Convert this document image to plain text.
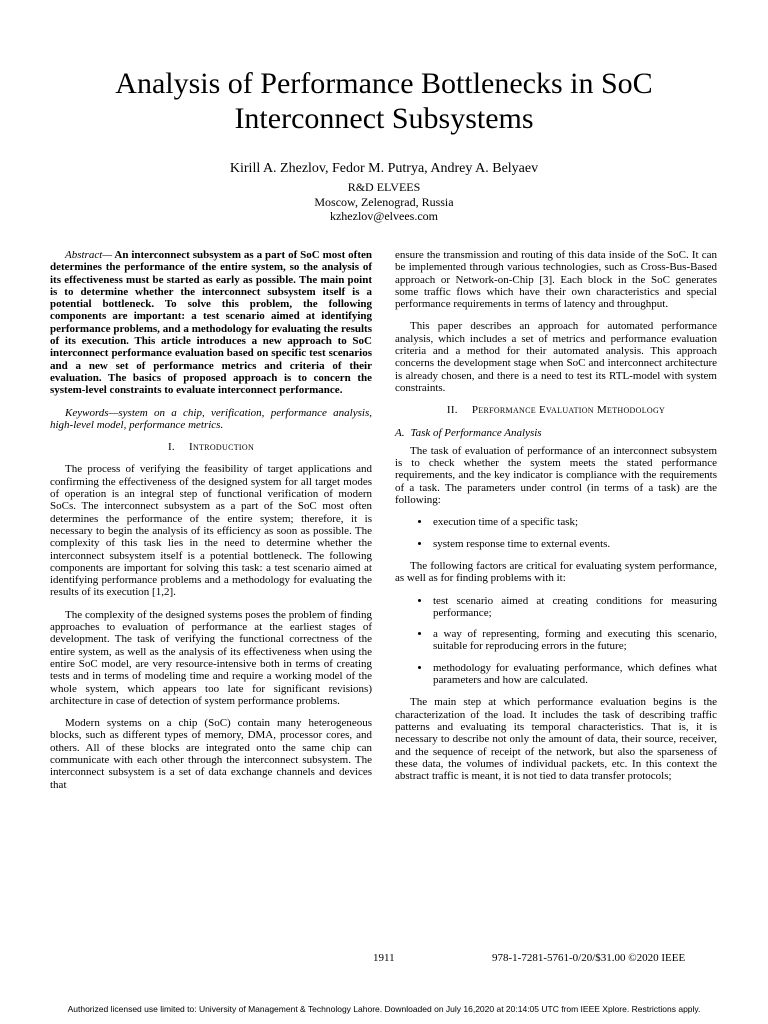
Analysis of Performance Bottlenecks in SoC Interconnect Subsystems

Kirill A. Zhezlov, Fedor M. Putrya, Andrey A. Belyaev

R&D ELVEES
Moscow, Zelenograd, Russia
kzhezlov@elvees.com

Abstract— An interconnect subsystem as a part of SoC most often determines the performance of the entire system, so the analysis of its effectiveness must be started as early as possible. The main point is to determine whether the interconnect subsystem itself is a potential bottleneck. To solve this problem, the following components are important: a test scenario aimed at identifying performance problems, and a methodology for evaluating the results of its execution. This article introduces a new approach to SoC interconnect performance evaluation based on specific test scenarios and a new set of performance metrics and criteria of their evaluation. The basics of proposed approach is to concern the system-level constraints to evaluate interconnect performance.

Keywords—system on a chip, verification, performance analysis, high-level model, performance metrics.

I. Introduction

The process of verifying the feasibility of target applications and confirming the effectiveness of the designed system for all target modes of operation is an integral step of functional verification of modern SoCs. The interconnect subsystem as a part of the SoC most often determines the performance of the entire system; therefore, it is necessary to begin the analysis of its efficiency as soon as possible. The complexity of this task lies in the need to determine whether the interconnect subsystem itself is a potential bottleneck. The following components are important for solving this task: a test scenario aimed at identifying performance problems and a methodology for evaluating the results of its execution [1,2].

The complexity of the designed systems poses the problem of finding approaches to evaluation of performance at the earliest stages of development. The task of verifying the functional correctness of the entire system, as well as the analysis of its effectiveness when using the entire SoC model, are very resource-intensive both in terms of creating tests and in terms of modeling time and require a working model of the whole system, which appears too late for significant revisions) architecture in case of detection of system performance problems.

Modern systems on a chip (SoC) contain many heterogeneous blocks, such as different types of memory, DMA, processor cores, and others. All of these blocks are integrated onto the same chip can communicate with each other through the interconnect subsystem. The interconnect subsystem is a set of data exchange channels and devices that

ensure the transmission and routing of this data inside of the SoC. It can be implemented through various technologies, such as Cross-Bus-Based approach or Network-on-Chip [3]. Each block in the SoC generates some traffic flows which have their own characteristics and special performance requirements in terms of latency and throughput.

This paper describes an approach for automated performance analysis, which includes a set of metrics and performance evaluation criteria and a method for their automated analysis. This approach concerns the development stage when SoC and interconnect architecture is already chosen, and there is a need to test its RTL-model with system constraints.

II. Performance Evaluation Methodology
A. Task of Performance Analysis

The task of evaluation of performance of an interconnect subsystem is to check whether the system meets the stated performance requirements, and the key indicator is compliance with the requirements of a task. The parameters under control (in terms of a task) are the following:

• execution time of a specific task;
• system response time to external events.

The following factors are critical for evaluating system performance, as well as for finding problems with it:

• test scenario aimed at creating conditions for measuring performance;
• a way of representing, forming and executing this scenario, suitable for reproducing errors in the future;
• methodology for evaluating performance, which defines what parameters and how are calculated.

The main step at which performance evaluation begins is the characterization of the load. It includes the task of describing traffic patterns and evaluating its temporal characteristics. That is, it is necessary to describe not only the amount of data, their source, receiver, and the sequence of receipt of the network, but also the sparseness of these data, the volumes of individual packets, etc. In this context the abstract traffic is meant, it is not tied to data transfer protocols;

1911	978-1-7281-5761-0/20/$31.00 ©2020 IEEE

Authorized licensed use limited to: University of Management & Technology Lahore. Downloaded on July 16,2020 at 20:14:05 UTC from IEEE Xplore. Restrictions apply.
